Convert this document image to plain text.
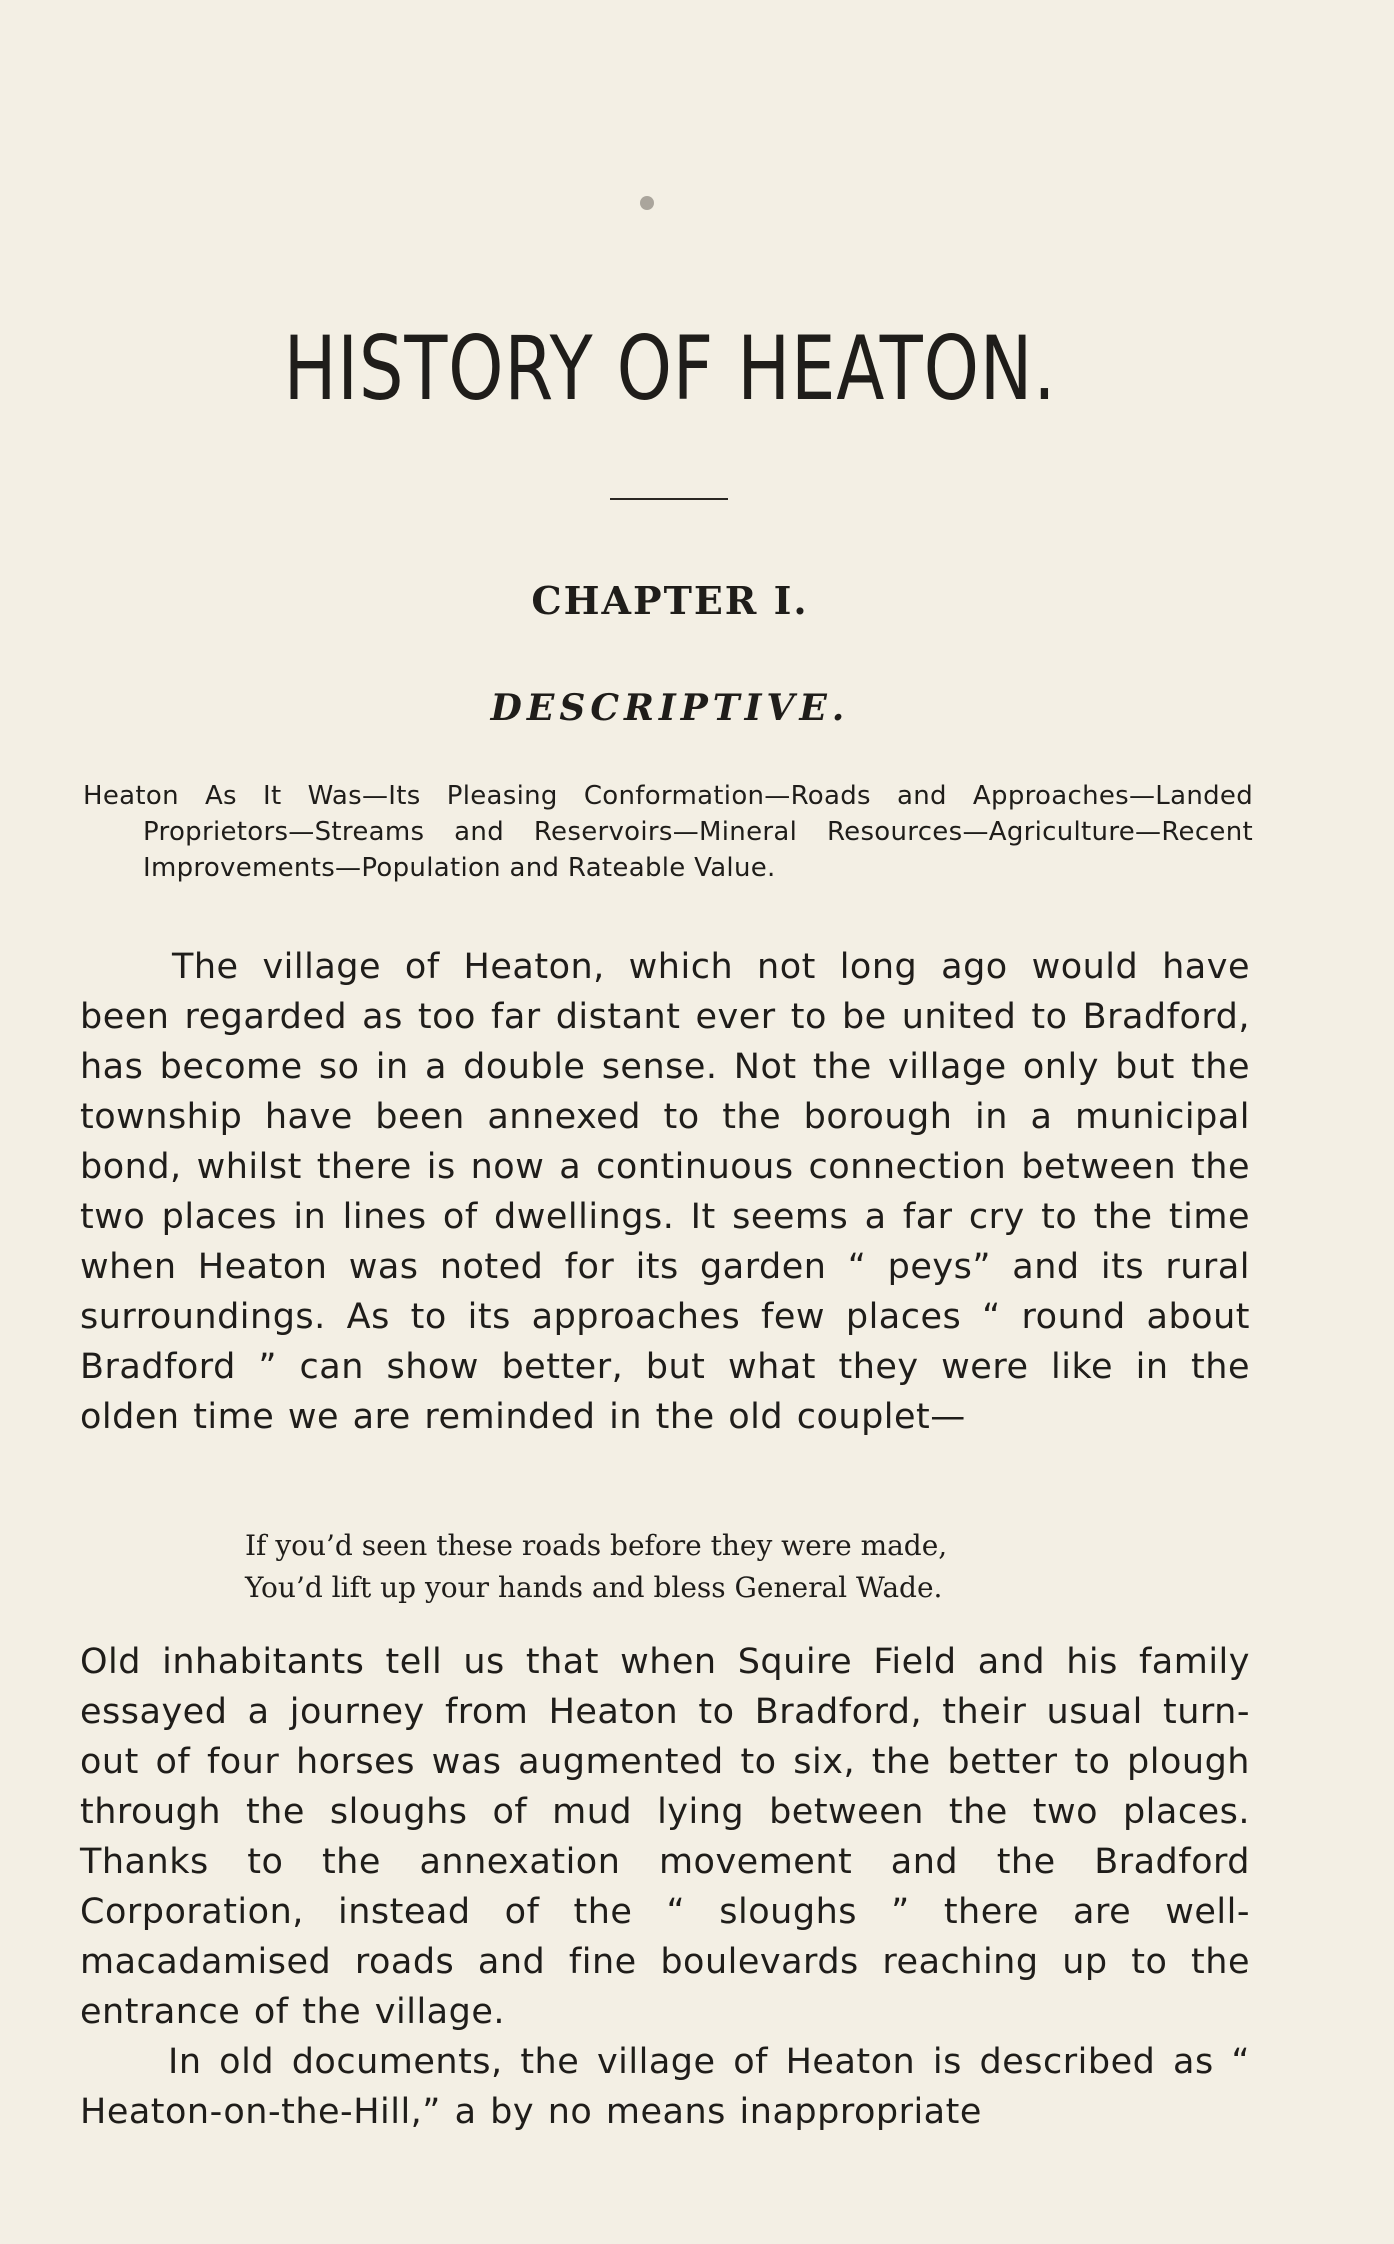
HISTORY OF HEATON.
CHAPTER I.
DESCRIPTIVE.

Heaton As It Was—Its Pleasing Conformation—Roads and Approaches—Landed Proprietors—Streams and Reservoirs—Mineral Resources—Agriculture—Recent Improvements—Population and Rateable Value.

The village of Heaton, which not long ago would have been regarded as too far distant ever to be united to Bradford, has become so in a double sense. Not the village only but the township have been annexed to the borough in a municipal bond, whilst there is now a continuous connection between the two places in lines of dwellings. It seems a far cry to the time when Heaton was noted for its garden “ peys” and its rural surroundings. As to its approaches few places “ round about Bradford ” can show better, but what they were like in the olden time we are reminded in the old couplet—

If you’d seen these roads before they were made,
You’d lift up your hands and bless General Wade.

Old inhabitants tell us that when Squire Field and his family essayed a journey from Heaton to Bradford, their usual turn-out of four horses was augmented to six, the better to plough through the sloughs of mud lying between the two places. Thanks to the annexation movement and the Bradford Corporation, instead of the “ sloughs ” there are well-macadamised roads and fine boulevards reaching up to the entrance of the village.

In old documents, the village of Heaton is described as “ Heaton-on-the-Hill,” a by no means inappropriate
